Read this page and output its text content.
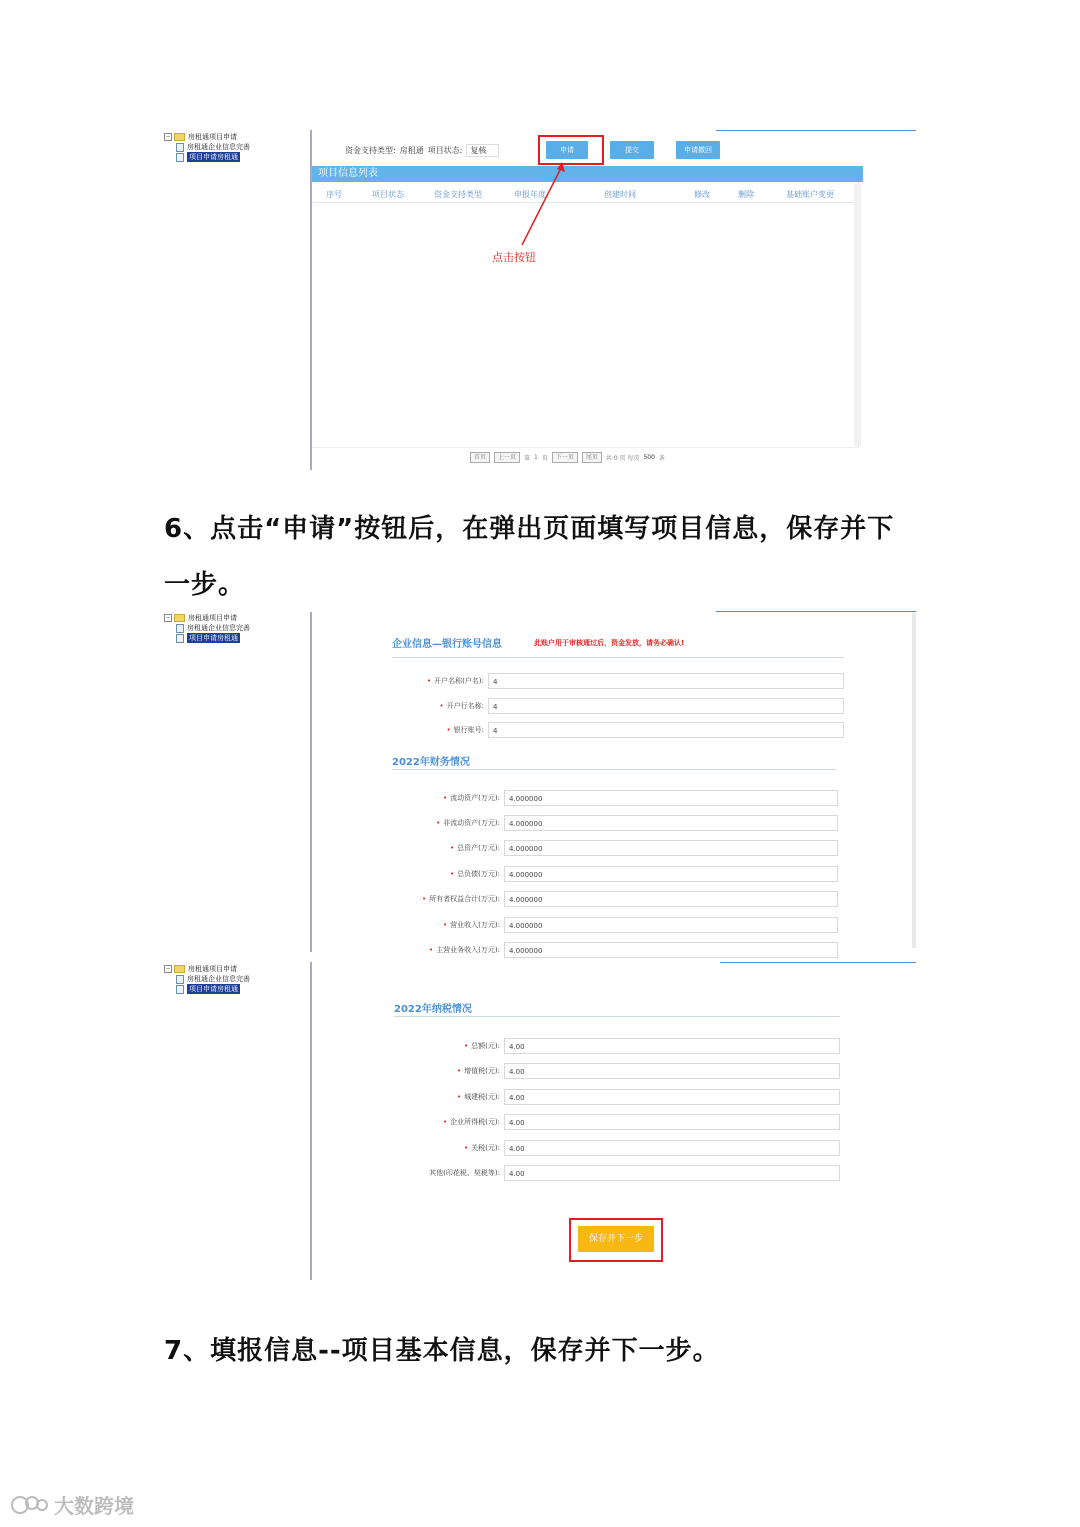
− 房租通项目申请
房租通企业信息完善
项目申请房租通
资金支持类型: 房租通 项目状态:	复核	申请	提交	申请撤回
项目信息列表
序号	项目状态	资金支持类型	申报年度	创建时间	修改	删除	基础账户变更
点击按钮
首页	上一页	第 1 页	下一页	尾页	共 0 页 每页 500 条
6、点击“申请”按钮后，在弹出页面填写项目信息，保存并下
一步。
− 房租通项目申请
房租通企业信息完善
项目申请房租通
企业信息—银行账号信息	此账户用于审核通过后，资金发放，请务必确认!
• 开户名称(户名):	4
• 开户行名称:	4
• 银行账号:	4
2022年财务情况
• 流动资产(万元):	4.000000
• 非流动资产(万元):	4.000000
• 总资产(万元):	4.000000
• 总负债(万元):	4.000000
• 所有者权益合计(万元):	4.000000
• 营业收入(万元):	4.000000
• 主营业务收入(万元):	4.000000
− 房租通项目申请
房租通企业信息完善
项目申请房租通
2022年纳税情况
• 总额(元):	4.00
• 增值税(元):	4.00
• 城建税(元):	4.00
• 企业所得税(元):	4.00
• 关税(元):	4.00
其他(印花税、契税等):	4.00
保存并下一步
7、填报信息--项目基本信息，保存并下一步。
大数跨境
